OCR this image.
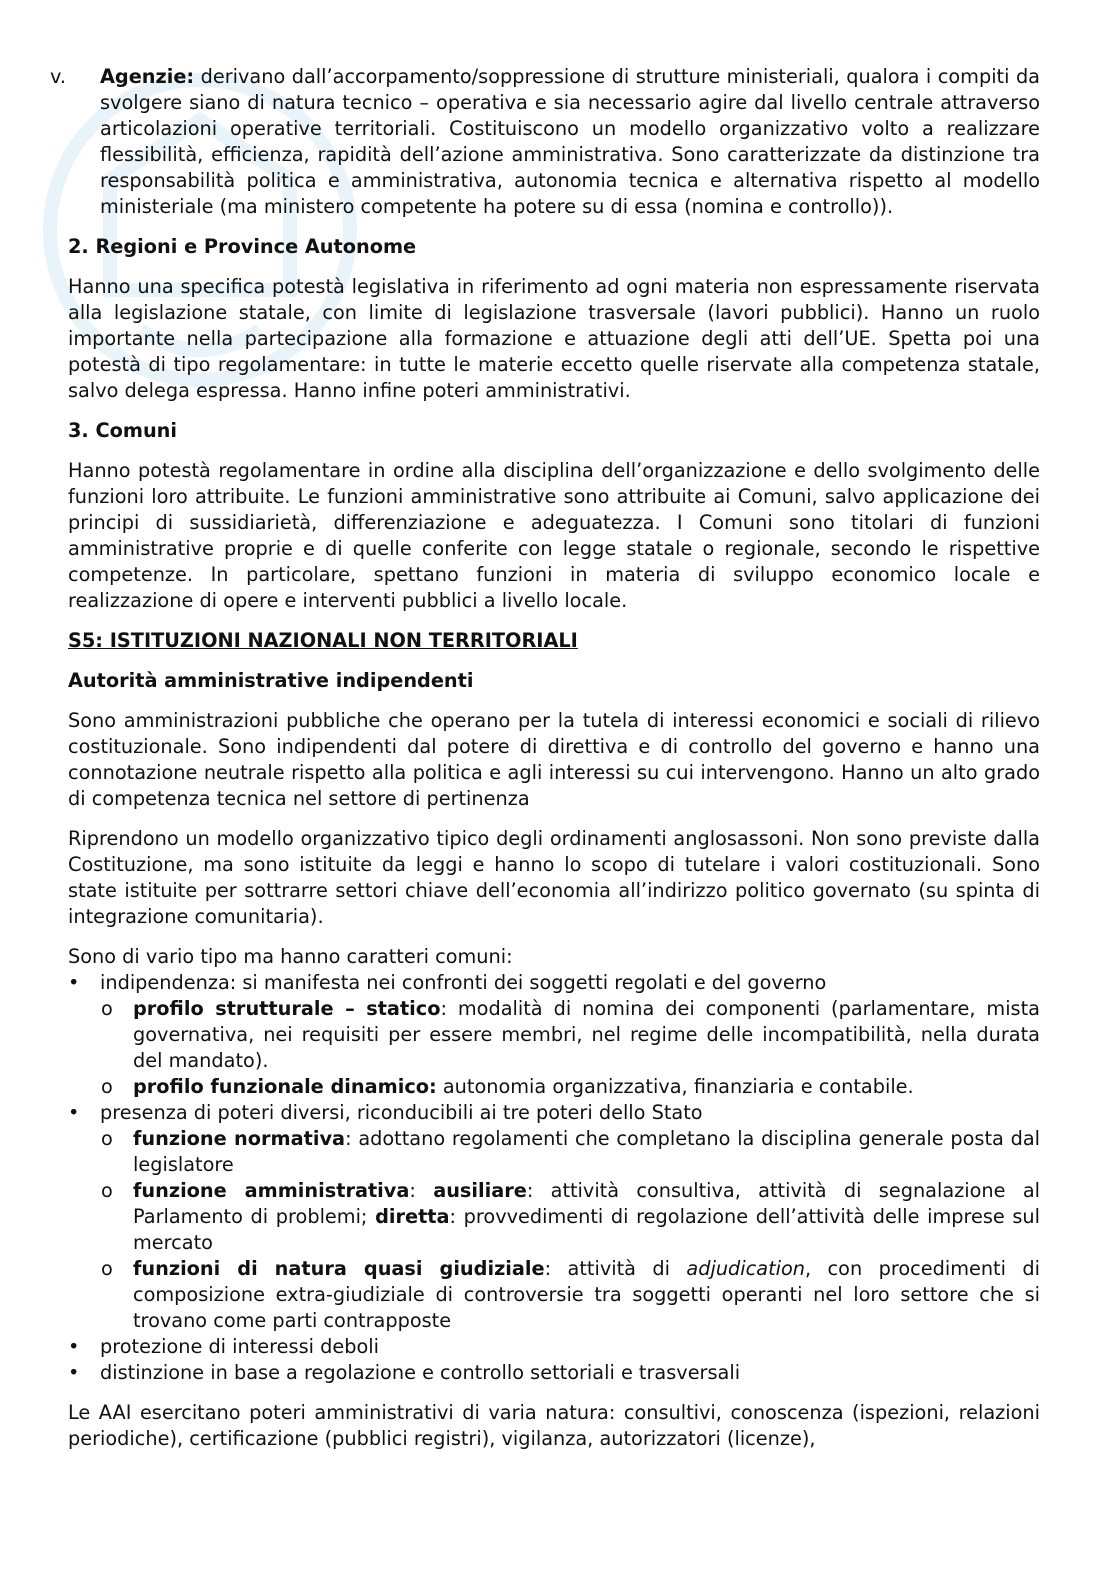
v. Agenzie: derivano dall’accorpamento/soppressione di strutture ministeriali, qualora i compiti da svolgere siano di natura tecnico – operativa e sia necessario agire dal livello centrale attraverso articolazioni operative territoriali. Costituiscono un modello organizzativo volto a realizzare flessibilità, efficienza, rapidità dell’azione amministrativa. Sono caratterizzate da distinzione tra responsabilità politica e amministrativa, autonomia tecnica e alternativa rispetto al modello ministeriale (ma ministero competente ha potere su di essa (nomina e controllo)).

2. Regioni e Province Autonome

Hanno una specifica potestà legislativa in riferimento ad ogni materia non espressamente riservata alla legislazione statale, con limite di legislazione trasversale (lavori pubblici). Hanno un ruolo importante nella partecipazione alla formazione e attuazione degli atti dell’UE. Spetta poi una potestà di tipo regolamentare: in tutte le materie eccetto quelle riservate alla competenza statale, salvo delega espressa. Hanno infine poteri amministrativi.

3. Comuni

Hanno potestà regolamentare in ordine alla disciplina dell’organizzazione e dello svolgimento delle funzioni loro attribuite. Le funzioni amministrative sono attribuite ai Comuni, salvo applicazione dei principi di sussidiarietà, differenziazione e adeguatezza. I Comuni sono titolari di funzioni amministrative proprie e di quelle conferite con legge statale o regionale, secondo le rispettive competenze. In particolare, spettano funzioni in materia di sviluppo economico locale e realizzazione di opere e interventi pubblici a livello locale.

S5: ISTITUZIONI NAZIONALI NON TERRITORIALI
Autorità amministrative indipendenti

Sono amministrazioni pubbliche che operano per la tutela di interessi economici e sociali di rilievo costituzionale. Sono indipendenti dal potere di direttiva e di controllo del governo e hanno una connotazione neutrale rispetto alla politica e agli interessi su cui intervengono. Hanno un alto grado di competenza tecnica nel settore di pertinenza

Riprendono un modello organizzativo tipico degli ordinamenti anglosassoni. Non sono previste dalla Costituzione, ma sono istituite da leggi e hanno lo scopo di tutelare i valori costituzionali. Sono state istituite per sottrarre settori chiave dell’economia all’indirizzo politico governato (su spinta di integrazione comunitaria).

Sono di vario tipo ma hanno caratteri comuni:

• indipendenza: si manifesta nei confronti dei soggetti regolati e del governo

o profilo strutturale – statico: modalità di nomina dei componenti (parlamentare, mista governativa, nei requisiti per essere membri, nel regime delle incompatibilità, nella durata del mandato).

o profilo funzionale dinamico: autonomia organizzativa, finanziaria e contabile.

• presenza di poteri diversi, riconducibili ai tre poteri dello Stato

o funzione normativa: adottano regolamenti che completano la disciplina generale posta dal legislatore

o funzione amministrativa: ausiliare: attività consultiva, attività di segnalazione al Parlamento di problemi; diretta: provvedimenti di regolazione dell’attività delle imprese sul mercato

o funzioni di natura quasi giudiziale: attività di adjudication, con procedimenti di composizione extra-giudiziale di controversie tra soggetti operanti nel loro settore che si trovano come parti contrapposte

• protezione di interessi deboli

• distinzione in base a regolazione e controllo settoriali e trasversali

Le AAI esercitano poteri amministrativi di varia natura: consultivi, conoscenza (ispezioni, relazioni periodiche), certificazione (pubblici registri), vigilanza, autorizzatori (licenze),
